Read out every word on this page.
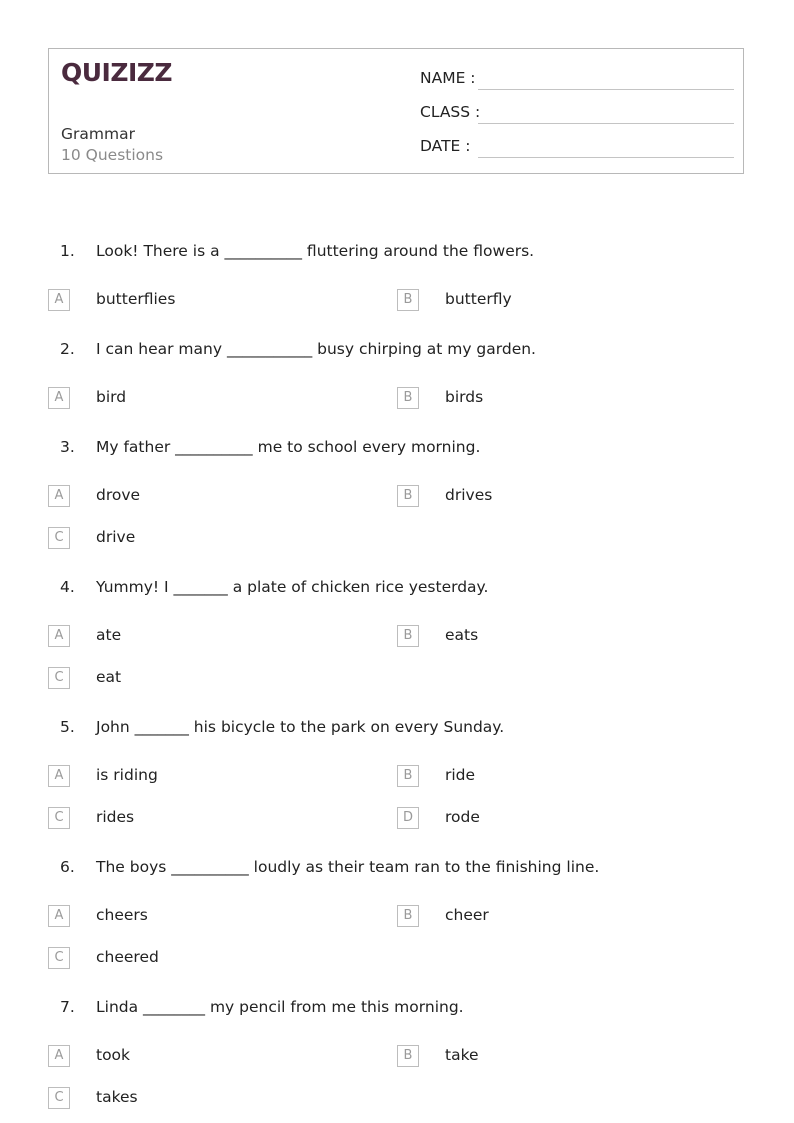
QUIZIZZ
Grammar
10 Questions
NAME :
CLASS :
DATE :
1. Look! There is a __________ fluttering around the flowers.
A	butterflies	B	butterfly
2. I can hear many ___________ busy chirping at my garden.
A	bird	B	birds
3. My father __________ me to school every morning.
A	drove	B	drives
C	drive
4. Yummy! I _______ a plate of chicken rice yesterday.
A	ate	B	eats
C	eat
5. John _______ his bicycle to the park on every Sunday.
A	is riding	B	ride
C	rides	D	rode
6. The boys __________ loudly as their team ran to the finishing line.
A	cheers	B	cheer
C	cheered
7. Linda ________ my pencil from me this morning.
A	took	B	take
C	takes
